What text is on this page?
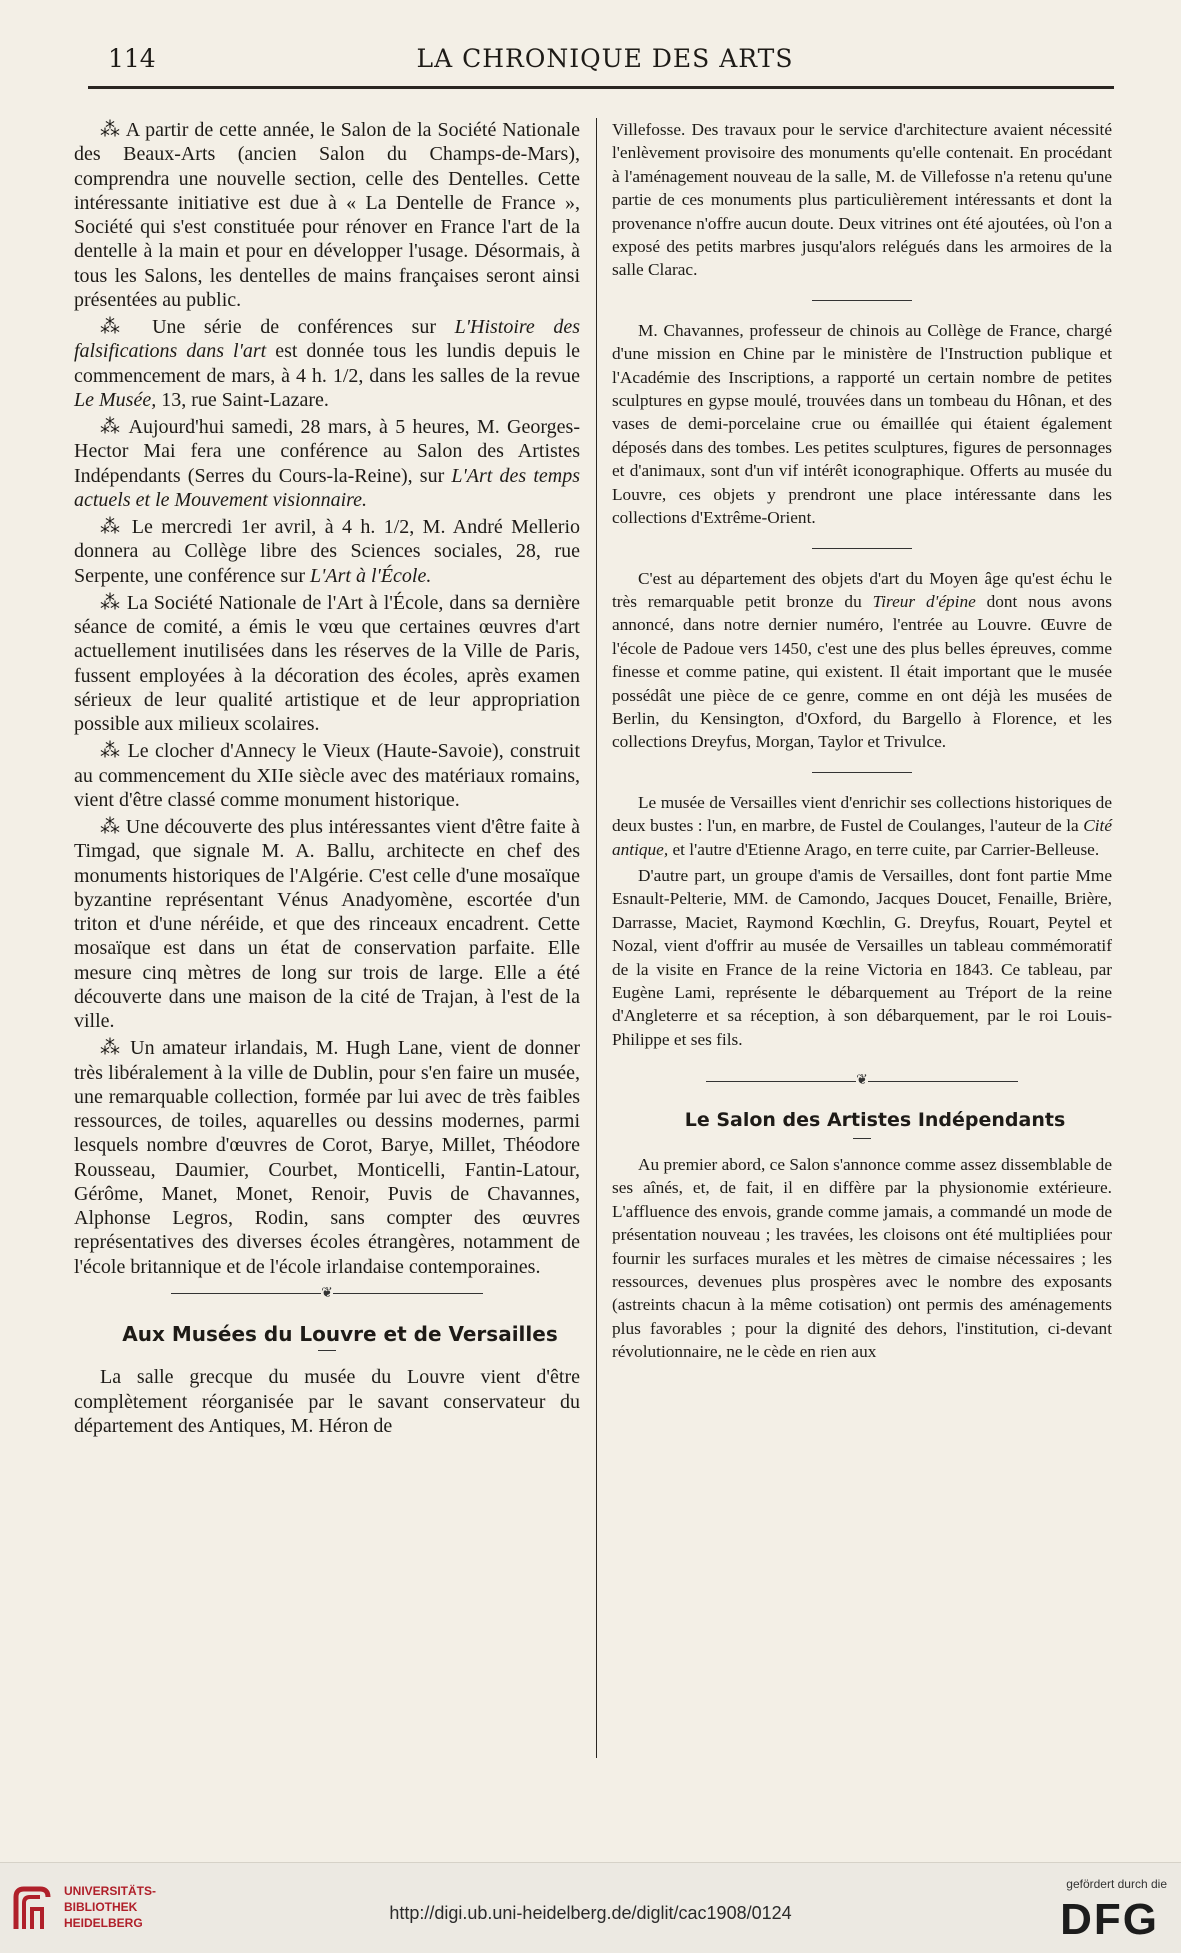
114	LA CHRONIQUE DES ARTS

⁂ A partir de cette année, le Salon de la Société Nationale des Beaux-Arts (ancien Salon du Champs-de-Mars), comprendra une nouvelle section, celle des Dentelles. Cette intéressante initiative est due à « La Dentelle de France », Société qui s'est constituée pour rénover en France l'art de la dentelle à la main et pour en développer l'usage. Désormais, à tous les Salons, les dentelles de mains françaises seront ainsi présentées au public.

⁂ Une série de conférences sur L'Histoire des falsifications dans l'art est donnée tous les lundis depuis le commencement de mars, à 4 h. 1/2, dans les salles de la revue Le Musée, 13, rue Saint-Lazare.

⁂ Aujourd'hui samedi, 28 mars, à 5 heures, M. Georges-Hector Mai fera une conférence au Salon des Artistes Indépendants (Serres du Cours-la-Reine), sur L'Art des temps actuels et le Mouvement visionnaire.

⁂ Le mercredi 1er avril, à 4 h. 1/2, M. André Mellerio donnera au Collège libre des Sciences sociales, 28, rue Serpente, une conférence sur L'Art à l'École.

⁂ La Société Nationale de l'Art à l'École, dans sa dernière séance de comité, a émis le vœu que certaines œuvres d'art actuellement inutilisées dans les réserves de la Ville de Paris, fussent employées à la décoration des écoles, après examen sérieux de leur qualité artistique et de leur appropriation possible aux milieux scolaires.

⁂ Le clocher d'Annecy le Vieux (Haute-Savoie), construit au commencement du XIIe siècle avec des matériaux romains, vient d'être classé comme monument historique.

⁂ Une découverte des plus intéressantes vient d'être faite à Timgad, que signale M. A. Ballu, architecte en chef des monuments historiques de l'Algérie. C'est celle d'une mosaïque byzantine représentant Vénus Anadyomène, escortée d'un triton et d'une néréide, et que des rinceaux encadrent. Cette mosaïque est dans un état de conservation parfaite. Elle mesure cinq mètres de long sur trois de large. Elle a été découverte dans une maison de la cité de Trajan, à l'est de la ville.

⁂ Un amateur irlandais, M. Hugh Lane, vient de donner très libéralement à la ville de Dublin, pour s'en faire un musée, une remarquable collection, formée par lui avec de très faibles ressources, de toiles, aquarelles ou dessins modernes, parmi lesquels nombre d'œuvres de Corot, Barye, Millet, Théodore Rousseau, Daumier, Courbet, Monticelli, Fantin-Latour, Gérôme, Manet, Monet, Renoir, Puvis de Chavannes, Alphonse Legros, Rodin, sans compter des œuvres représentatives des diverses écoles étrangères, notamment de l'école britannique et de l'école irlandaise contemporaines.

❦

Aux Musées du Louvre et de Versailles

La salle grecque du musée du Louvre vient d'être complètement réorganisée par le savant conservateur du département des Antiques, M. Héron de

Villefosse. Des travaux pour le service d'architecture avaient nécessité l'enlèvement provisoire des monuments qu'elle contenait. En procédant à l'aménagement nouveau de la salle, M. de Villefosse n'a retenu qu'une partie de ces monuments plus particulièrement intéressants et dont la provenance n'offre aucun doute. Deux vitrines ont été ajoutées, où l'on a exposé des petits marbres jusqu'alors relégués dans les armoires de la salle Clarac.

M. Chavannes, professeur de chinois au Collège de France, chargé d'une mission en Chine par le ministère de l'Instruction publique et l'Académie des Inscriptions, a rapporté un certain nombre de petites sculptures en gypse moulé, trouvées dans un tombeau du Hônan, et des vases de demi-porcelaine crue ou émaillée qui étaient également déposés dans des tombes. Les petites sculptures, figures de personnages et d'animaux, sont d'un vif intérêt iconographique. Offerts au musée du Louvre, ces objets y prendront une place intéressante dans les collections d'Extrême-Orient.

C'est au département des objets d'art du Moyen âge qu'est échu le très remarquable petit bronze du Tireur d'épine dont nous avons annoncé, dans notre dernier numéro, l'entrée au Louvre. Œuvre de l'école de Padoue vers 1450, c'est une des plus belles épreuves, comme finesse et comme patine, qui existent. Il était important que le musée possédât une pièce de ce genre, comme en ont déjà les musées de Berlin, du Kensington, d'Oxford, du Bargello à Florence, et les collections Dreyfus, Morgan, Taylor et Trivulce.

Le musée de Versailles vient d'enrichir ses collections historiques de deux bustes : l'un, en marbre, de Fustel de Coulanges, l'auteur de la Cité antique, et l'autre d'Etienne Arago, en terre cuite, par Carrier-Belleuse.

D'autre part, un groupe d'amis de Versailles, dont font partie Mme Esnault-Pelterie, MM. de Camondo, Jacques Doucet, Fenaille, Brière, Darrasse, Maciet, Raymond Kœchlin, G. Dreyfus, Rouart, Peytel et Nozal, vient d'offrir au musée de Versailles un tableau commémoratif de la visite en France de la reine Victoria en 1843. Ce tableau, par Eugène Lami, représente le débarquement au Tréport de la reine d'Angleterre et sa réception, à son débarquement, par le roi Louis-Philippe et ses fils.

❦

Le Salon des Artistes Indépendants

Au premier abord, ce Salon s'annonce comme assez dissemblable de ses aînés, et, de fait, il en diffère par la physionomie extérieure. L'affluence des envois, grande comme jamais, a commandé un mode de présentation nouveau ; les travées, les cloisons ont été multipliées pour fournir les surfaces murales et les mètres de cimaise nécessaires ; les ressources, devenues plus prospères avec le nombre des exposants (astreints chacun à la même cotisation) ont permis des aménagements plus favorables ; pour la dignité des dehors, l'institution, ci-devant révolutionnaire, ne le cède en rien aux

UNIVERSITÄTS-
BIBLIOTHEK
HEIDELBERG	http://digi.ub.uni-heidelberg.de/diglit/cac1908/0124
gefördert durch die
DFG
